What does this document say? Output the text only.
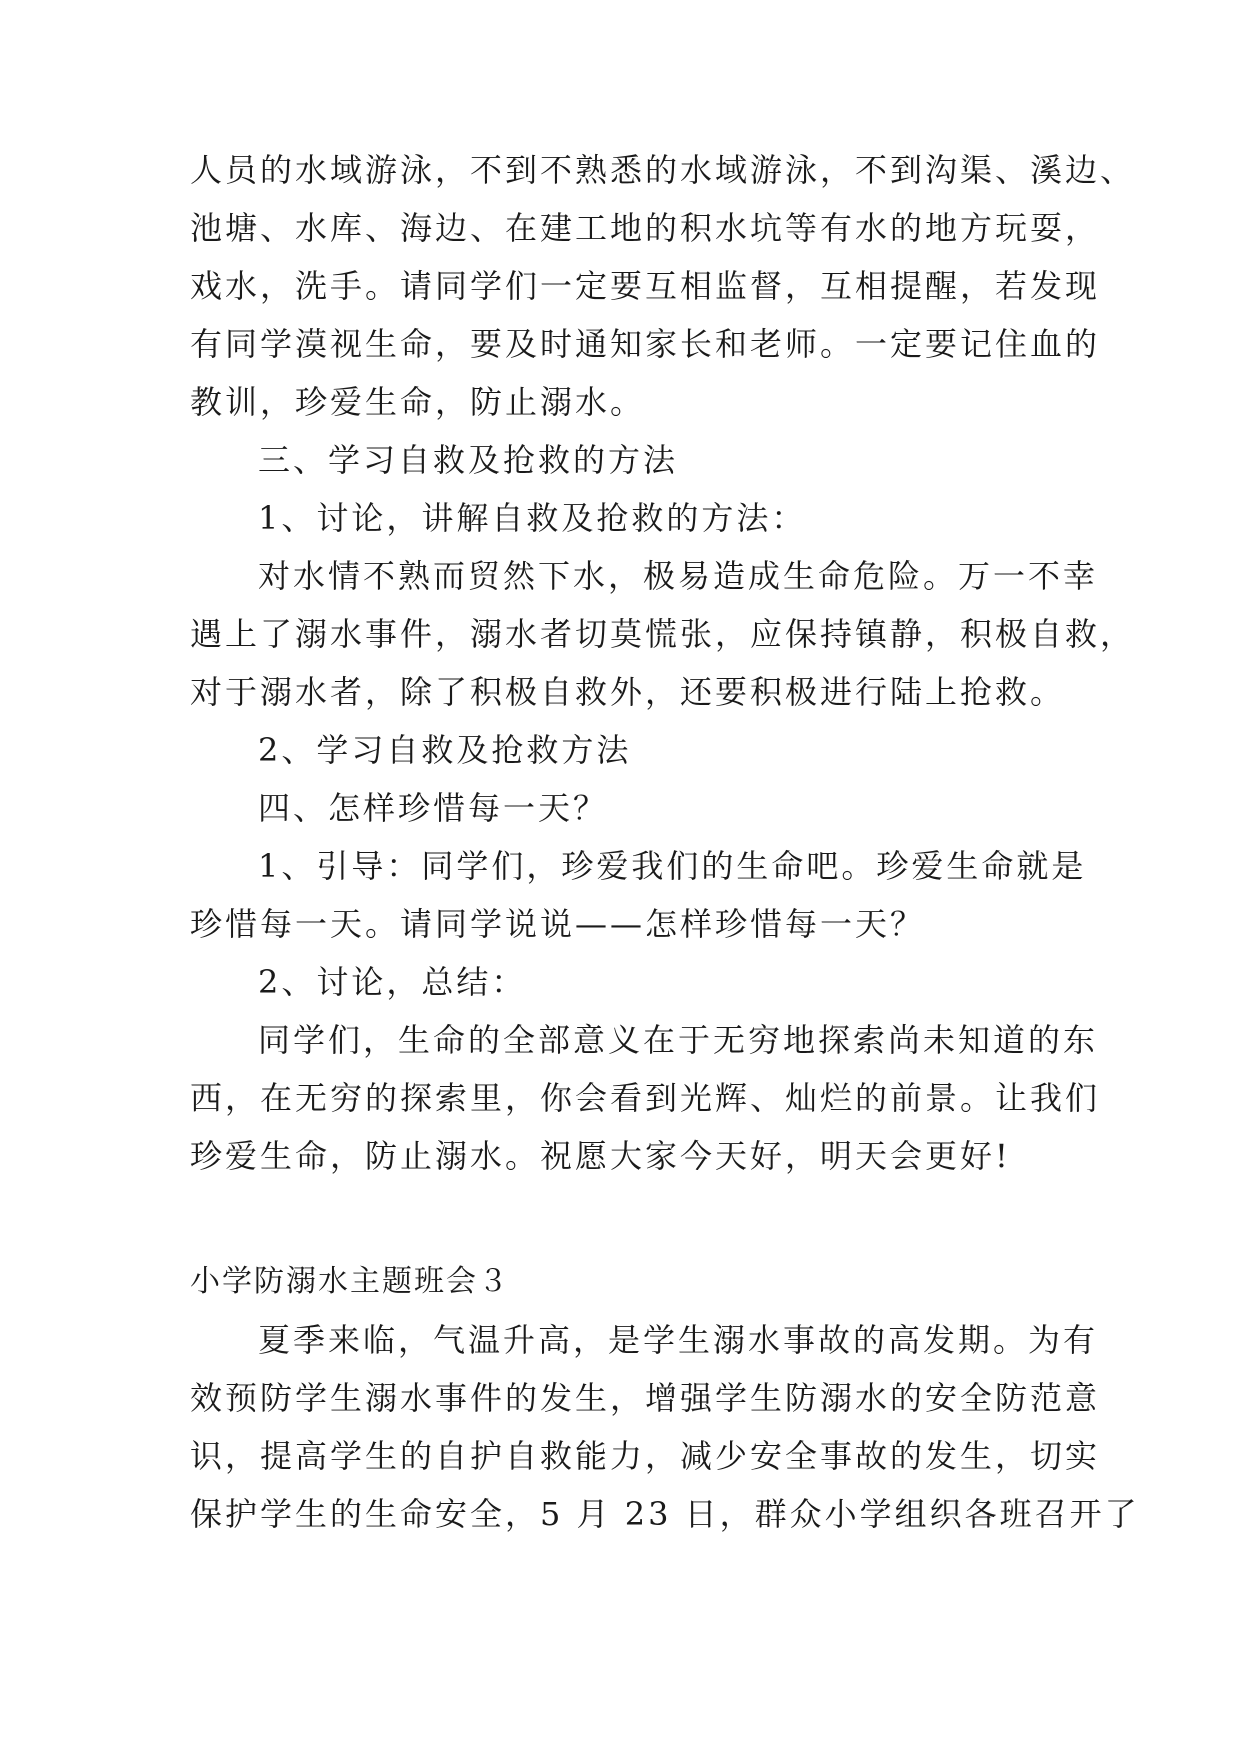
人员的水域游泳，不到不熟悉的水域游泳，不到沟渠、溪边、
池塘、水库、海边、在建工地的积水坑等有水的地方玩耍，
戏水，洗手。请同学们一定要互相监督，互相提醒，若发现
有同学漠视生命，要及时通知家长和老师。一定要记住血的
教训，珍爱生命，防止溺水。
三、学习自救及抢救的方法
1、讨论，讲解自救及抢救的方法：
对水情不熟而贸然下水，极易造成生命危险。万一不幸
遇上了溺水事件，溺水者切莫慌张，应保持镇静，积极自救，
对于溺水者，除了积极自救外，还要积极进行陆上抢救。
2、学习自救及抢救方法
四、怎样珍惜每一天？
1、引导：同学们，珍爱我们的生命吧。珍爱生命就是
珍惜每一天。请同学说说——怎样珍惜每一天？
2、讨论，总结：
同学们，生命的全部意义在于无穷地探索尚未知道的东
西，在无穷的探索里，你会看到光辉、灿烂的前景。让我们
珍爱生命，防止溺水。祝愿大家今天好，明天会更好!
小学防溺水主题班会３
夏季来临，气温升高，是学生溺水事故的高发期。为有
效预防学生溺水事件的发生，增强学生防溺水的安全防范意
识，提高学生的自护自救能力，减少安全事故的发生，切实
保护学生的生命安全，5 月 23 日，群众小学组织各班召开了
